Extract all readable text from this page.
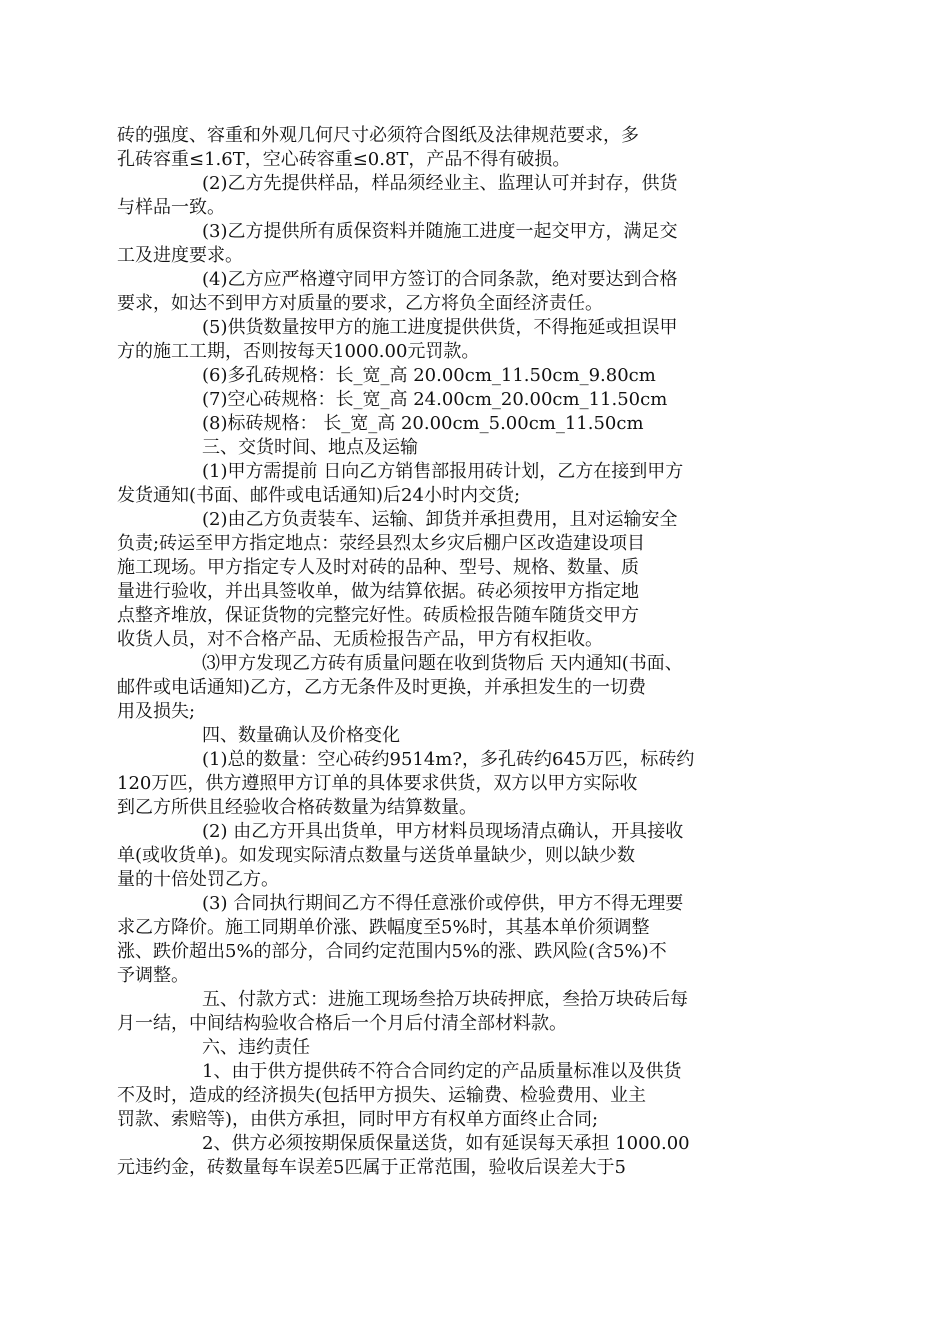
砖的强度、容重和外观几何尺寸必须符合图纸及法律规范要求，多
孔砖容重≤1.6T，空心砖容重≤0.8T，产品不得有破损。
(2)乙方先提供样品，样品须经业主、监理认可并封存，供货
与样品一致。
(3)乙方提供所有质保资料并随施工进度一起交甲方，满足交
工及进度要求。
(4)乙方应严格遵守同甲方签订的合同条款，绝对要达到合格
要求，如达不到甲方对质量的要求，乙方将负全面经济责任。
(5)供货数量按甲方的施工进度提供供货，不得拖延或担误甲
方的施工工期，否则按每天1000.00元罚款。
(6)多孔砖规格：长_宽_高 20.00cm_11.50cm_9.80cm
(7)空心砖规格：长_宽_高 24.00cm_20.00cm_11.50cm
(8)标砖规格： 长_宽_高 20.00cm_5.00cm_11.50cm
三、交货时间、地点及运输
(1)甲方需提前 日向乙方销售部报用砖计划，乙方在接到甲方
发货通知(书面、邮件或电话通知)后24小时内交货;
(2)由乙方负责装车、运输、卸货并承担费用，且对运输安全
负责;砖运至甲方指定地点：荥经县烈太乡灾后棚户区改造建设项目
施工现场。甲方指定专人及时对砖的品种、型号、规格、数量、质
量进行验收，并出具签收单，做为结算依据。砖必须按甲方指定地
点整齐堆放，保证货物的完整完好性。砖质检报告随车随货交甲方
收货人员，对不合格产品、无质检报告产品，甲方有权拒收。
⑶甲方发现乙方砖有质量问题在收到货物后 天内通知(书面、
邮件或电话通知)乙方，乙方无条件及时更换，并承担发生的一切费
用及损失;
四、数量确认及价格变化
(1)总的数量：空心砖约9514m?，多孔砖约645万匹，标砖约
120万匹，供方遵照甲方订单的具体要求供货，双方以甲方实际收
到乙方所供且经验收合格砖数量为结算数量。
(2) 由乙方开具出货单，甲方材料员现场清点确认，开具接收
单(或收货单)。如发现实际清点数量与送货单量缺少，则以缺少数
量的十倍处罚乙方。
(3) 合同执行期间乙方不得任意涨价或停供，甲方不得无理要
求乙方降价。施工同期单价涨、跌幅度至5%时，其基本单价须调整
涨、跌价超出5%的部分，合同约定范围内5%的涨、跌风险(含5%)不
予调整。
五、付款方式：进施工现场叁拾万块砖押底，叁拾万块砖后每
月一结，中间结构验收合格后一个月后付清全部材料款。
六、违约责任
1、由于供方提供砖不符合合同约定的产品质量标准以及供货
不及时，造成的经济损失(包括甲方损失、运输费、检验费用、业主
罚款、索赔等)，由供方承担，同时甲方有权单方面终止合同;
2、供方必须按期保质保量送货，如有延误每天承担 1000.00
元违约金，砖数量每车误差5匹属于正常范围，验收后误差大于5
